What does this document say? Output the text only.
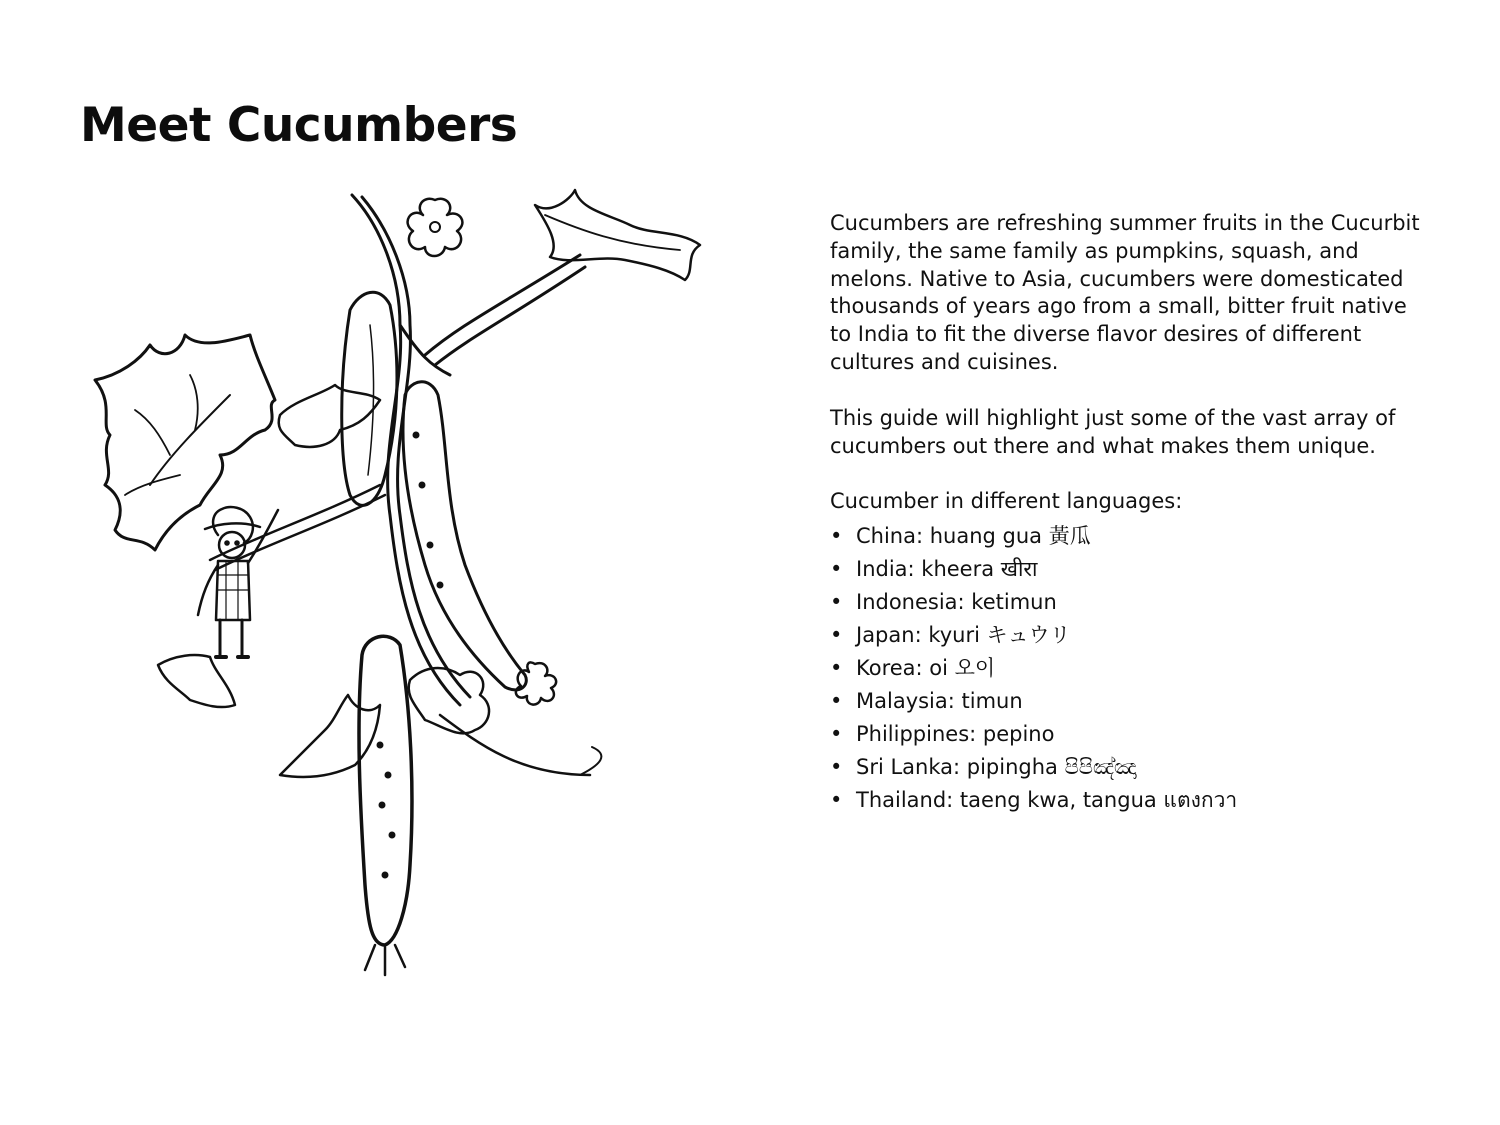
Meet Cucumbers

Cucumbers are refreshing summer fruits in the Cucurbit family, the same family as pumpkins, squash, and melons. Native to Asia, cucumbers were domesticated thousands of years ago from a small, bitter fruit native to India to fit the diverse flavor desires of different cultures and cuisines.

This guide will highlight just some of the vast array of cucumbers out there and what makes them unique.

Cucumber in different languages:
• China: huang gua 黃瓜
• India: kheera खीरा
• Indonesia: ketimun
• Japan: kyuri キュウリ
• Korea: oi 오이
• Malaysia: timun
• Philippines: pepino
• Sri Lanka: pipingha පිපිඤ්ඤා
• Thailand: taeng kwa, tangua แตงกวา
